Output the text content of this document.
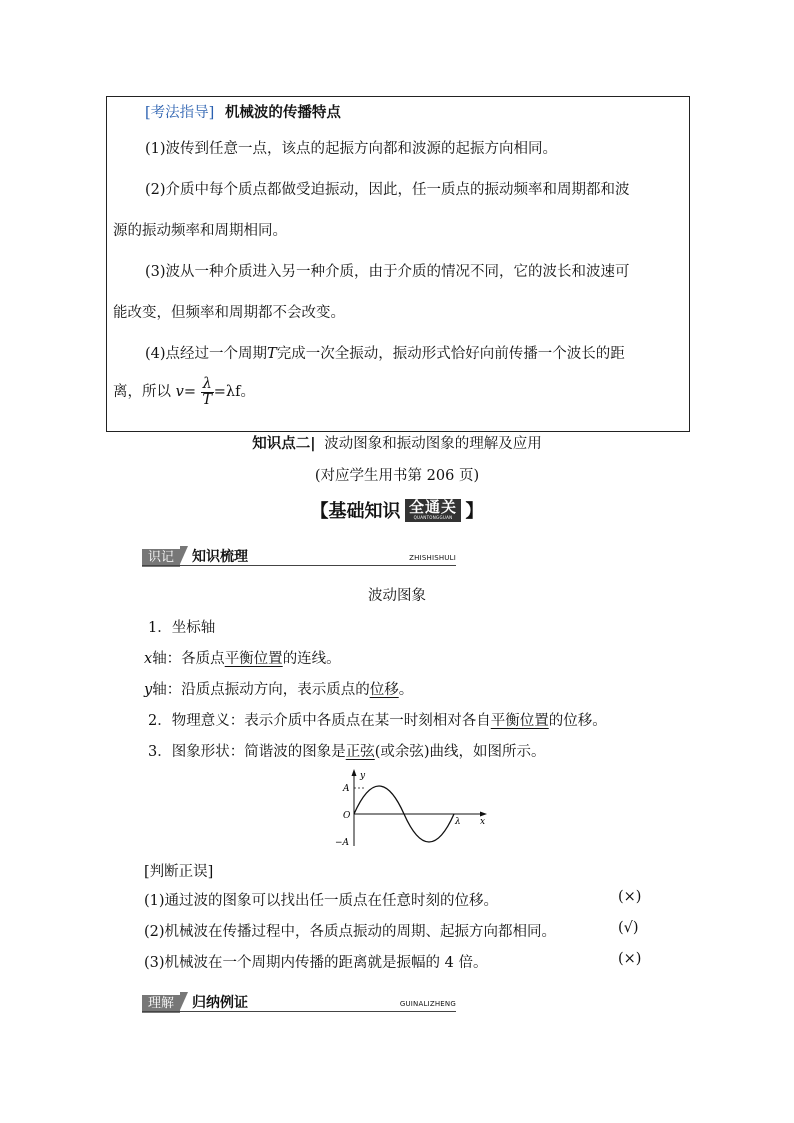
[考法指导] 机械波的传播特点
(1)波传到任意一点，该点的起振方向都和波源的起振方向相同。
(2)介质中每个质点都做受迫振动，因此，任一质点的振动频率和周期都和波
源的振动频率和周期相同。
(3)波从一种介质进入另一种介质，由于介质的情况不同，它的波长和波速可
能改变，但频率和周期都不会改变。
(4)点经过一个周期T完成一次全振动，振动形式恰好向前传播一个波长的距
离，所以 $v= \frac{\lambda}{T} =\lambda f$。
知识点二| 波动图象和振动图象的理解及应用
(对应学生用书第 206 页)
【基础知识 全通关
QUANTONGGUAN 】
识记 知识梳理	ZHISHISHULI
波动图象
1．坐标轴
x轴：各质点平衡位置的连线。
y轴：沿质点振动方向，表示质点的位移。
2．物理意义：表示介质中各质点在某一时刻相对各自平衡位置的位移。
3．图象形状：简谐波的图象是正弦(或余弦)曲线，如图所示。
y
x
A
O
−A
λ
[判断正误]
(1)通过波的图象可以找出任一质点在任意时刻的位移。	(×)
(2)机械波在传播过程中，各质点振动的周期、起振方向都相同。	(√)
(3)机械波在一个周期内传播的距离就是振幅的 4 倍。	(×)
理解 归纳例证	GUINALIZHENG
